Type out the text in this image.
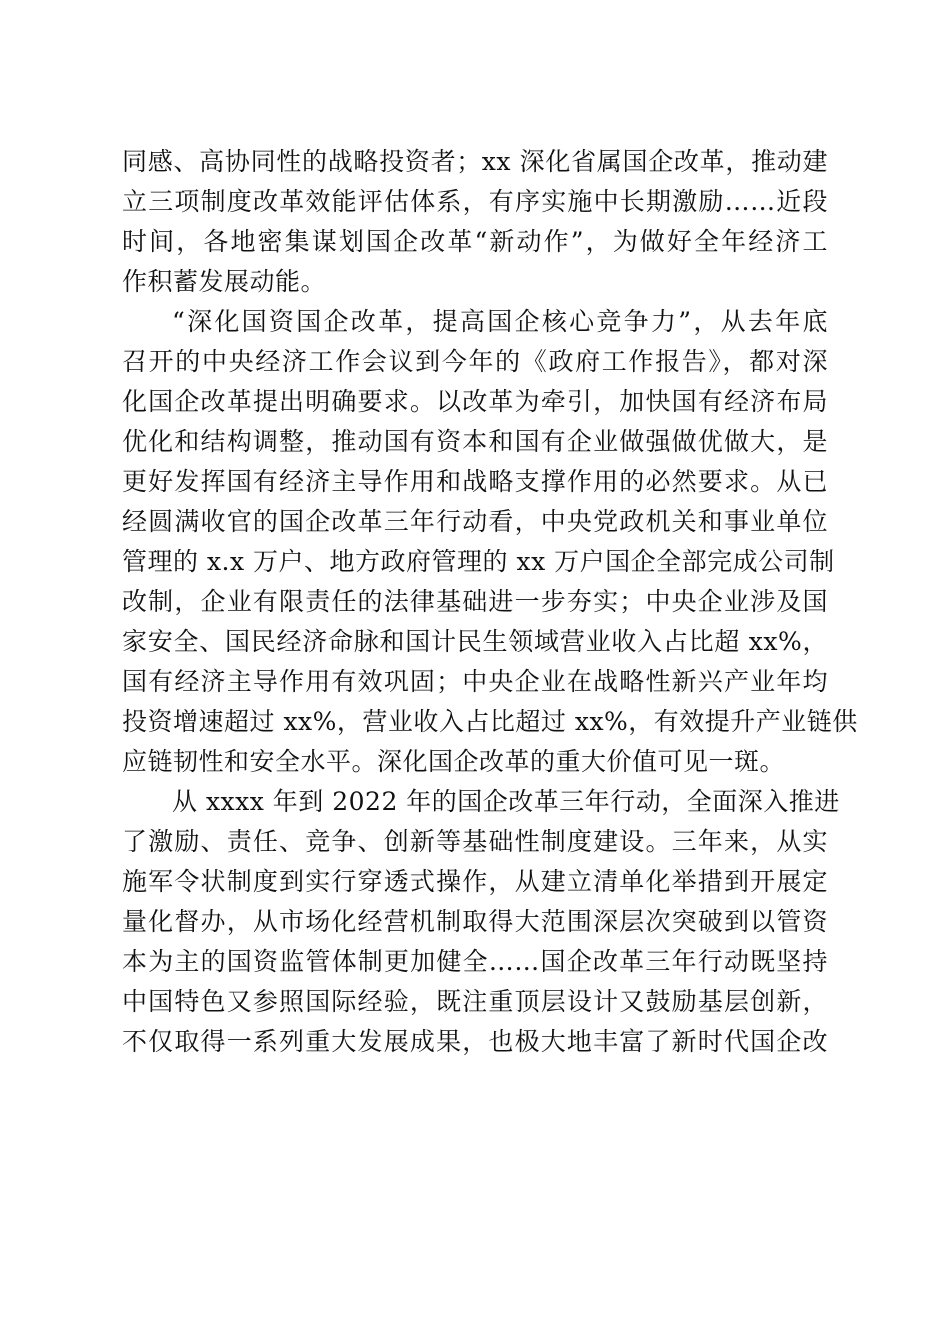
同感、高协同性的战略投资者；xx 深化省属国企改革，推动建
立三项制度改革效能评估体系，有序实施中长期激励……近段
时间，各地密集谋划国企改革“新动作”，为做好全年经济工
作积蓄发展动能。
“深化国资国企改革，提高国企核心竞争力”，从去年底
召开的中央经济工作会议到今年的《政府工作报告》，都对深
化国企改革提出明确要求。以改革为牵引，加快国有经济布局
优化和结构调整，推动国有资本和国有企业做强做优做大，是
更好发挥国有经济主导作用和战略支撑作用的必然要求。从已
经圆满收官的国企改革三年行动看，中央党政机关和事业单位
管理的 x.x 万户、地方政府管理的 xx 万户国企全部完成公司制
改制，企业有限责任的法律基础进一步夯实；中央企业涉及国
家安全、国民经济命脉和国计民生领域营业收入占比超 xx%，
国有经济主导作用有效巩固；中央企业在战略性新兴产业年均
投资增速超过 xx%，营业收入占比超过 xx%，有效提升产业链供
应链韧性和安全水平。深化国企改革的重大价值可见一斑。
从 xxxx 年到 2022 年的国企改革三年行动，全面深入推进
了激励、责任、竞争、创新等基础性制度建设。三年来，从实
施军令状制度到实行穿透式操作，从建立清单化举措到开展定
量化督办，从市场化经营机制取得大范围深层次突破到以管资
本为主的国资监管体制更加健全……国企改革三年行动既坚持
中国特色又参照国际经验，既注重顶层设计又鼓励基层创新，
不仅取得一系列重大发展成果，也极大地丰富了新时代国企改
